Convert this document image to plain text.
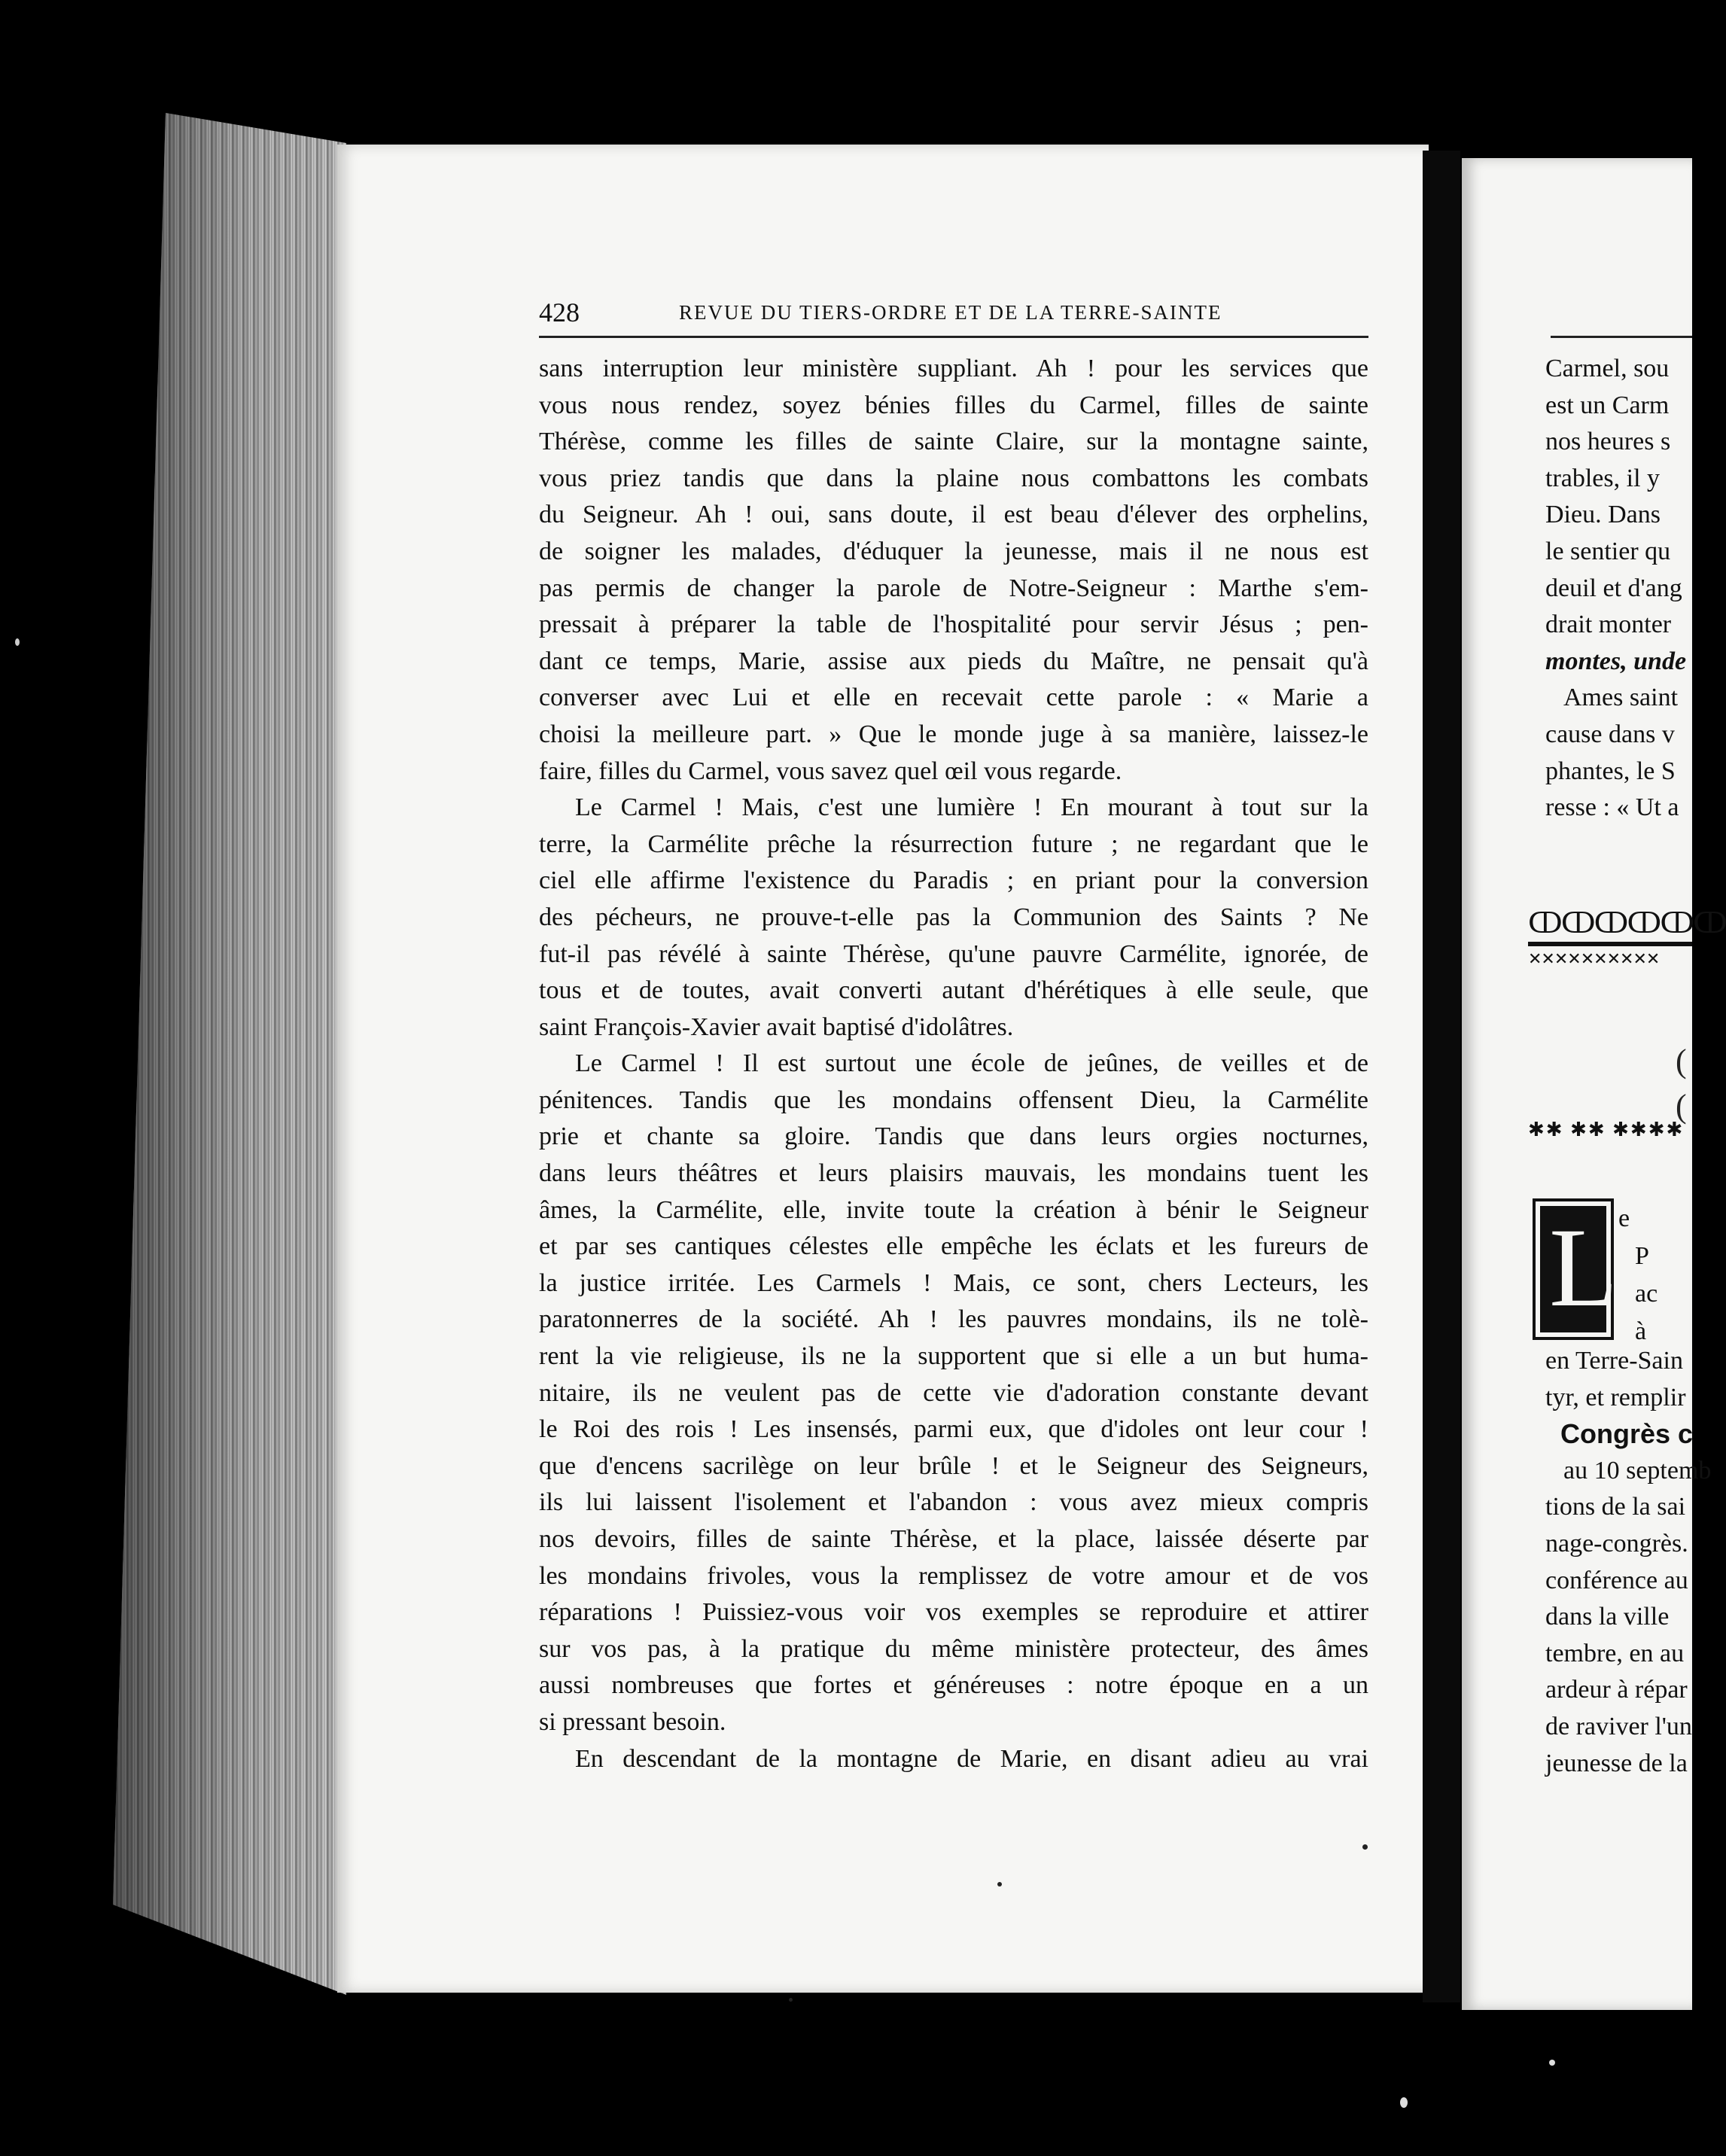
428	REVUE DU TIERS-ORDRE ET DE LA TERRE-SAINTE
sans interruption leur ministère suppliant. Ah ! pour les services que
vous nous rendez, soyez bénies filles du Carmel, filles de sainte
Thérèse, comme les filles de sainte Claire, sur la montagne sainte,
vous priez tandis que dans la plaine nous combattons les combats
du Seigneur. Ah ! oui, sans doute, il est beau d'élever des orphelins,
de soigner les malades, d'éduquer la jeunesse, mais il ne nous est
pas permis de changer la parole de Notre-Seigneur : Marthe s'em-
pressait à préparer la table de l'hospitalité pour servir Jésus ; pen-
dant ce temps, Marie, assise aux pieds du Maître, ne pensait qu'à
converser avec Lui et elle en recevait cette parole : « Marie a
choisi la meilleure part. » Que le monde juge à sa manière, laissez-le
faire, filles du Carmel, vous savez quel œil vous regarde.
Le Carmel ! Mais, c'est une lumière ! En mourant à tout sur la
terre, la Carmélite prêche la résurrection future ; ne regardant que le
ciel elle affirme l'existence du Paradis ; en priant pour la conversion
des pécheurs, ne prouve-t-elle pas la Communion des Saints ? Ne
fut-il pas révélé à sainte Thérèse, qu'une pauvre Carmélite, ignorée, de
tous et de toutes, avait converti autant d'hérétiques à elle seule, que
saint François-Xavier avait baptisé d'idolâtres.
Le Carmel ! Il est surtout une école de jeûnes, de veilles et de
pénitences. Tandis que les mondains offensent Dieu, la Carmélite
prie et chante sa gloire. Tandis que dans leurs orgies nocturnes,
dans leurs théâtres et leurs plaisirs mauvais, les mondains tuent les
âmes, la Carmélite, elle, invite toute la création à bénir le Seigneur
et par ses cantiques célestes elle empêche les éclats et les fureurs de
la justice irritée. Les Carmels ! Mais, ce sont, chers Lecteurs, les
paratonnerres de la société. Ah ! les pauvres mondains, ils ne tolè-
rent la vie religieuse, ils ne la supportent que si elle a un but huma-
nitaire, ils ne veulent pas de cette vie d'adoration constante devant
le Roi des rois ! Les insensés, parmi eux, que d'idoles ont leur cour !
que d'encens sacrilège on leur brûle ! et le Seigneur des Seigneurs,
ils lui laissent l'isolement et l'abandon : vous avez mieux compris
nos devoirs, filles de sainte Thérèse, et la place, laissée déserte par
les mondains frivoles, vous la remplissez de votre amour et de vos
réparations ! Puissiez-vous voir vos exemples se reproduire et attirer
sur vos pas, à la pratique du même ministère protecteur, des âmes
aussi nombreuses que fortes et généreuses : notre époque en a un
si pressant besoin.
En descendant de la montagne de Marie, en disant adieu au vrai
Carmel, sou
est un Carm
nos heures s
trables, il y
Dieu. Dans
le sentier qu
deuil et d'ang
drait monter
montes, unde
Ames saint
cause dans v
phantes, le S
resse : « Ut a
ↀↀↀↀↀↀ
✕✕✕✕✕✕✕✕✕✕
(
(
✱✱ ✱✱ ✱✱✱✱
L e
P
ac
à
en Terre-Sain
tyr, et remplir
Congrès c
au 10 septemb
tions de la sai
nage-congrès.
conférence au
dans la ville
tembre, en au
ardeur à répar
de raviver l'un
jeunesse de la
